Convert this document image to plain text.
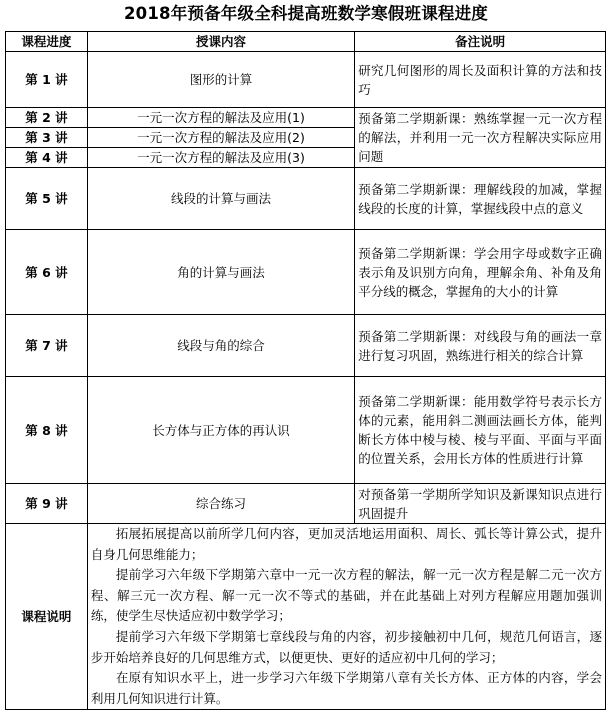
2018年预备年级全科提高班数学寒假班课程进度
课程进度	授课内容	备注说明
第 1 讲	图形的计算	研究几何图形的周长及面积计算的方法和技巧
第 2 讲	一元一次方程的解法及应用(1)	预备第二学期新课：熟练掌握一元一次方程的解法，并利用一元一次方程解决实际应用问题
第 3 讲	一元一次方程的解法及应用(2)	
第 4 讲	一元一次方程的解法及应用(3)	
第 5 讲	线段的计算与画法	预备第二学期新课：理解线段的加减，掌握线段的长度的计算，掌握线段中点的意义
第 6 讲	角的计算与画法	预备第二学期新课：学会用字母或数字正确表示角及识别方向角，理解余角、补角及角平分线的概念，掌握角的大小的计算
第 7 讲	线段与角的综合	预备第二学期新课：对线段与角的画法一章进行复习巩固，熟练进行相关的综合计算
第 8 讲	长方体与正方体的再认识	预备第二学期新课：能用数学符号表示长方体的元素，能用斜二测画法画长方体，能判断长方体中棱与棱、棱与平面、平面与平面的位置关系，会用长方体的性质进行计算
第 9 讲	综合练习	对预备第一学期所学知识及新课知识点进行巩固提升
课程说明	拓展拓展提高以前所学几何内容，更加灵活地运用面积、周长、弧长等计算公式，提升自身几何思维能力；

提前学习六年级下学期第六章中一元一次方程的解法，解一元一次方程是解二元一次方程、解三元一次方程、解一元一次不等式的基础，并在此基础上对列方程解应用题加强训练，使学生尽快适应初中数学学习；

提前学习六年级下学期第七章线段与角的内容，初步接触初中几何，规范几何语言，逐步开始培养良好的几何思维方式，以便更快、更好的适应初中几何的学习；

在原有知识水平上，进一步学习六年级下学期第八章有关长方体、正方体的内容，学会利用几何知识进行计算。	
